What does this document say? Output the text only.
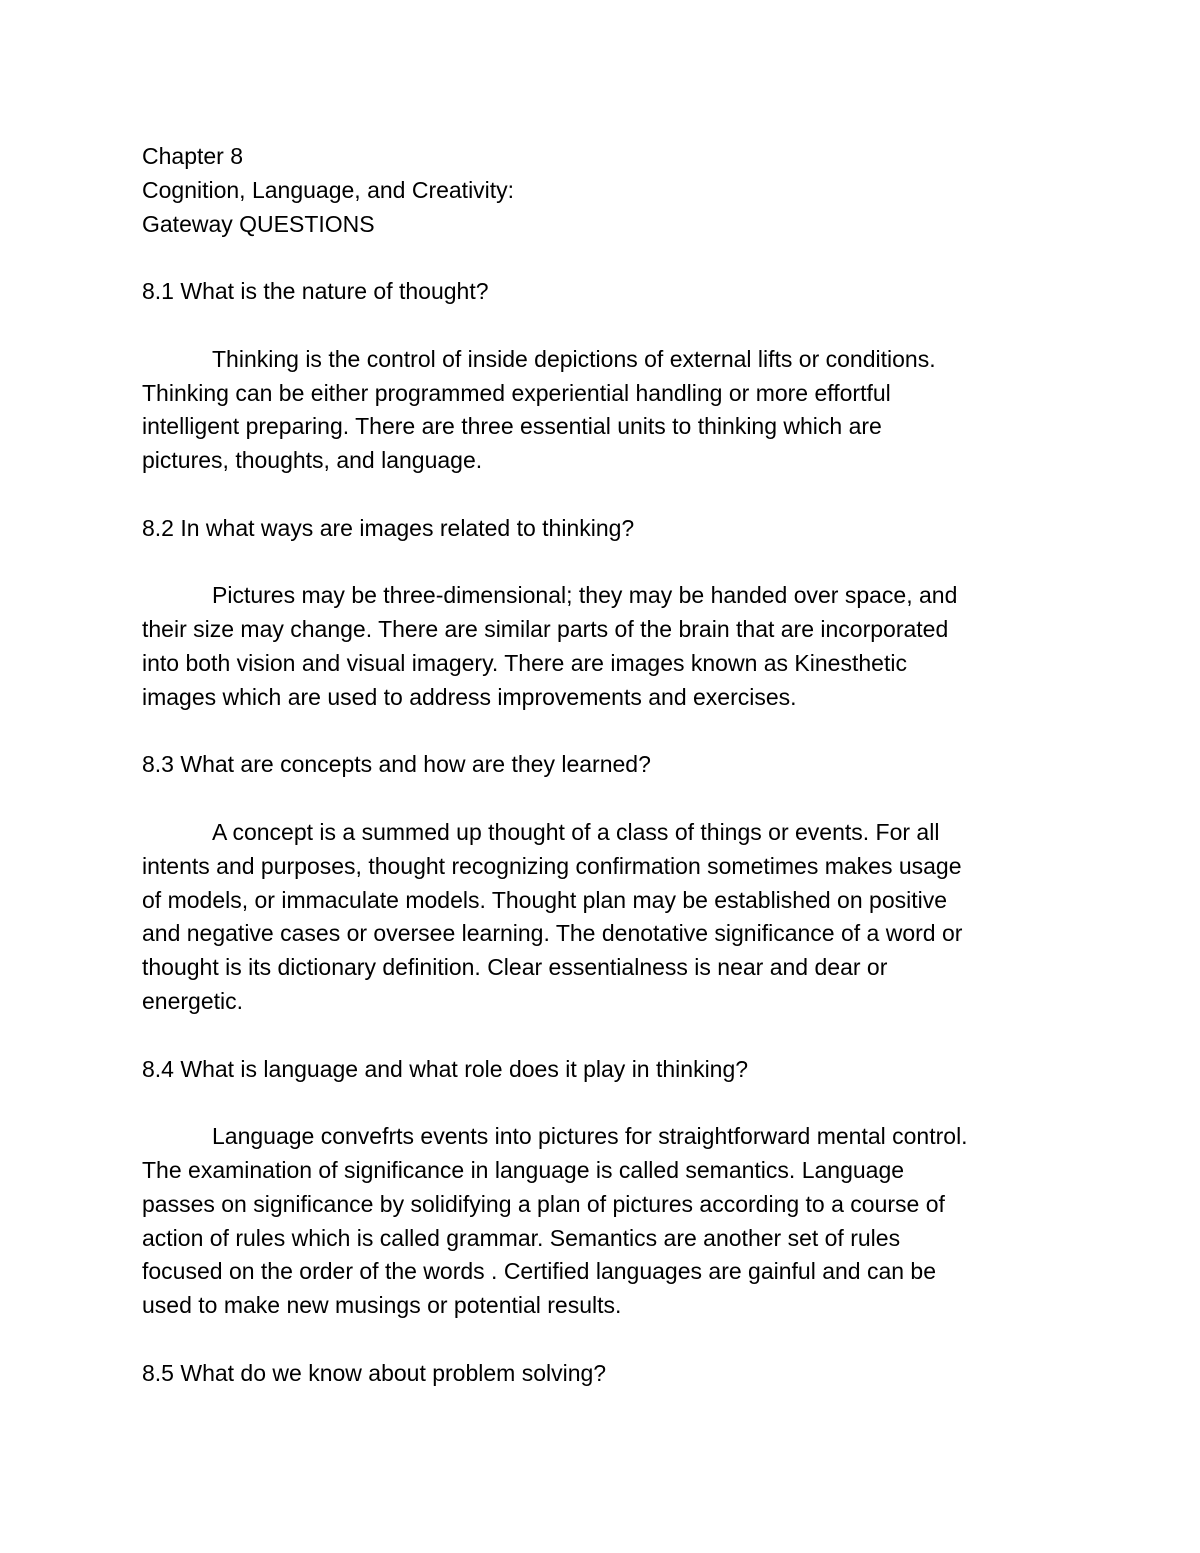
Chapter 8
Cognition, Language, and Creativity:
Gateway QUESTIONS
8.1 What is the nature of thought?
Thinking is the control of inside depictions of external lifts or conditions.
Thinking can be either programmed experiential handling or more effortful
intelligent preparing. There are three essential units to thinking which are
pictures, thoughts, and language.
8.2 In what ways are images related to thinking?
Pictures may be three-dimensional; they may be handed over space, and
their size may change. There are similar parts of the brain that are incorporated
into both vision and visual imagery. There are images known as Kinesthetic
images which are used to address improvements and exercises.
8.3 What are concepts and how are they learned?
A concept is a summed up thought of a class of things or events. For all
intents and purposes, thought recognizing confirmation sometimes makes usage
of models, or immaculate models. Thought plan may be established on positive
and negative cases or oversee learning. The denotative significance of a word or
thought is its dictionary definition. Clear essentialness is near and dear or
energetic.
8.4 What is language and what role does it play in thinking?
Language convefrts events into pictures for straightforward mental control.
The examination of significance in language is called semantics. Language
passes on significance by solidifying a plan of pictures according to a course of
action of rules which is called grammar. Semantics are another set of rules
focused on the order of the words . Certified languages are gainful and can be
used to make new musings or potential results.
8.5 What do we know about problem solving?
